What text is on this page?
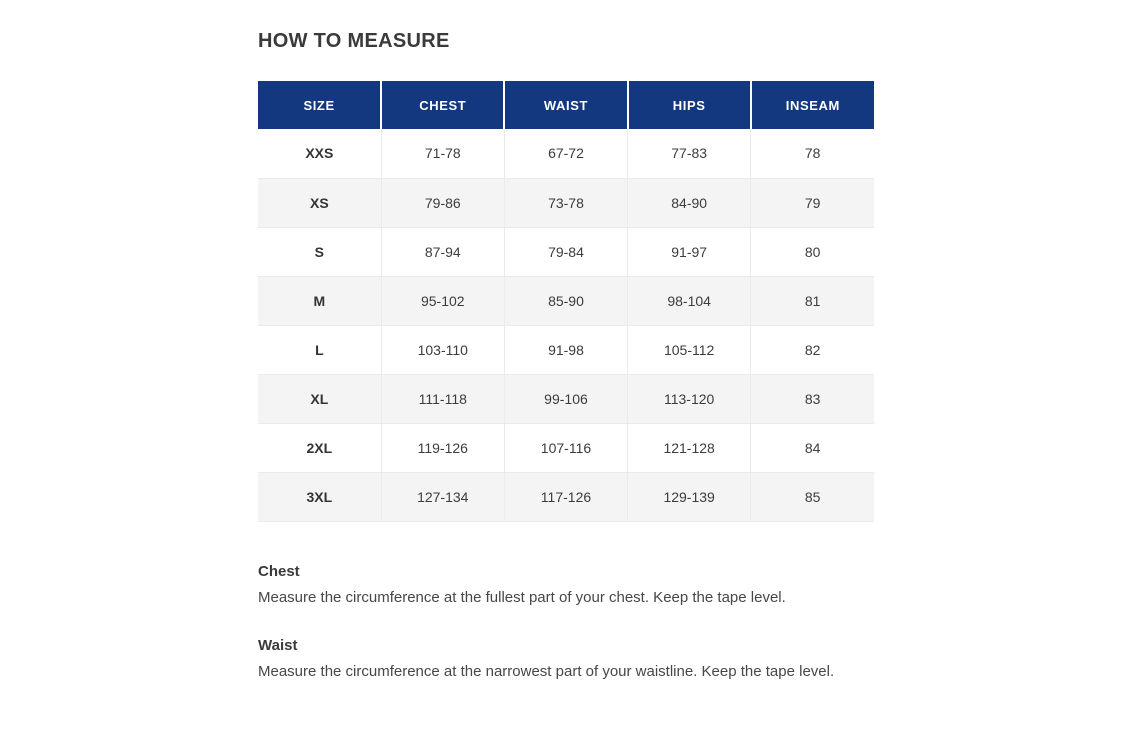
HOW TO MEASURE
SIZE	CHEST	WAIST	HIPS	INSEAM
XXS	71-78	67-72	77-83	78
XS	79-86	73-78	84-90	79
S	87-94	79-84	91-97	80
M	95-102	85-90	98-104	81
L	103-110	91-98	105-112	82
XL	111-118	99-106	113-120	83
2XL	119-126	107-116	121-128	84
3XL	127-134	117-126	129-139	85
Chest
Measure the circumference at the fullest part of your chest. Keep the tape level.
Waist
Measure the circumference at the narrowest part of your waistline. Keep the tape level.
